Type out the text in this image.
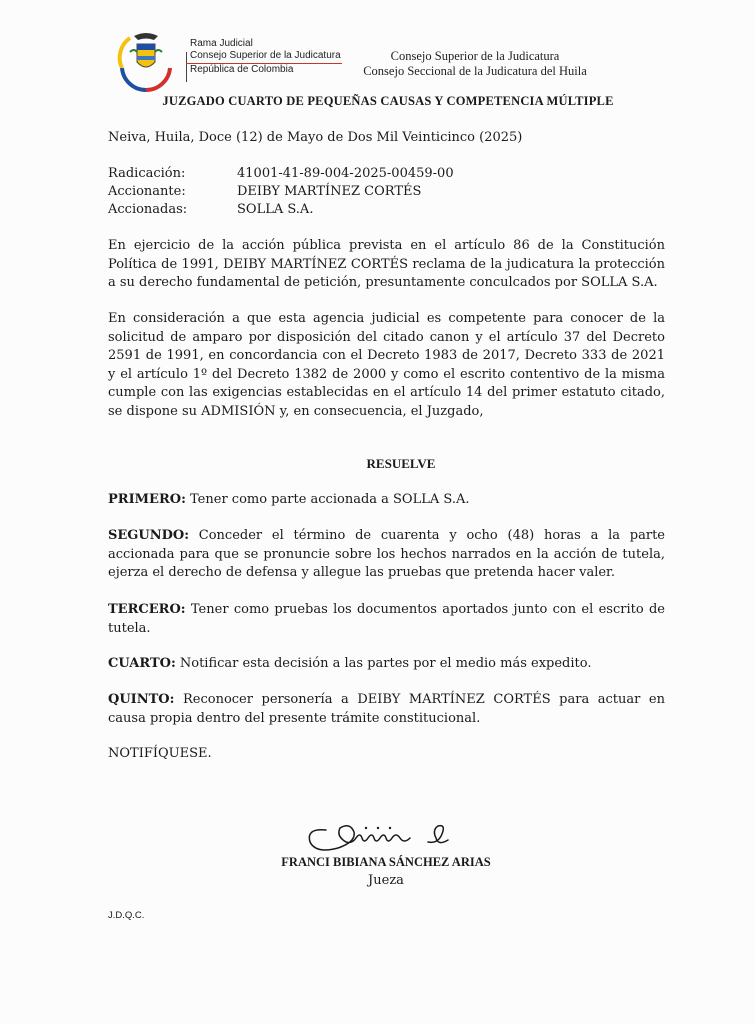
Rama Judicial
Consejo Superior de la Judicatura
República de Colombia
Consejo Superior de la Judicatura
Consejo Seccional de la Judicatura del Huila
JUZGADO CUARTO DE PEQUEÑAS CAUSAS Y COMPETENCIA MÚLTIPLE
Neiva, Huila, Doce (12) de Mayo de Dos Mil Veinticinco (2025)
Radicación:	41001-41-89-004-2025-00459-00
Accionante:	DEIBY MARTÍNEZ CORTÉS
Accionadas:	SOLLA S.A.
En ejercicio de la acción pública prevista en el artículo 86 de la Constitución Política de 1991, DEIBY MARTÍNEZ CORTÉS reclama de la judicatura la protección a su derecho fundamental de petición, presuntamente conculcados por SOLLA S.A.
En consideración a que esta agencia judicial es competente para conocer de la solicitud de amparo por disposición del citado canon y el artículo 37 del Decreto 2591 de 1991, en concordancia con el Decreto 1983 de 2017, Decreto 333 de 2021 y el artículo 1º del Decreto 1382 de 2000 y como el escrito contentivo de la misma cumple con las exigencias establecidas en el artículo 14 del primer estatuto citado, se dispone su ADMISIÓN y, en consecuencia, el Juzgado,
RESUELVE
PRIMERO: Tener como parte accionada a SOLLA S.A.
SEGUNDO: Conceder el término de cuarenta y ocho (48) horas a la parte accionada para que se pronuncie sobre los hechos narrados en la acción de tutela, ejerza el derecho de defensa y allegue las pruebas que pretenda hacer valer.
TERCERO: Tener como pruebas los documentos aportados junto con el escrito de tutela.
CUARTO: Notificar esta decisión a las partes por el medio más expedito.
QUINTO: Reconocer personería a DEIBY MARTÍNEZ CORTÉS para actuar en causa propia dentro del presente trámite constitucional.
NOTIFÍQUESE.
FRANCI BIBIANA SÁNCHEZ ARIAS
Jueza
J.D.Q.C.
